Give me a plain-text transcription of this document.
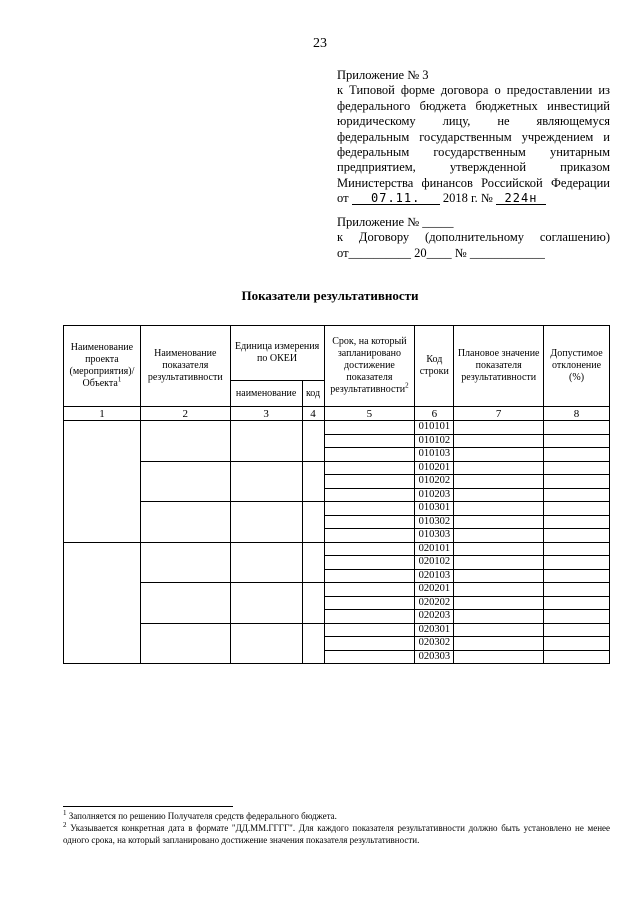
23
Приложение № 3
к Типовой форме договора о предоставлении из
федерального бюджета бюджетных инвестиций
юридическому лицу, не являющемуся
федеральным государственным учреждением и
федеральным государственным унитарным
предприятием, утвержденной приказом
Министерства финансов Российской Федерации
от 07.11. 2018 г. № 224н
Приложение № _____
к Договору (дополнительному соглашению)
от__________ 20____ № ____________
Показатели результативности
Наименование проекта (мероприятия)/ Объекта$^1$	Наименование показателя результативности	Единица измерения по ОКЕИ		Срок, на который запланировано достижение показателя результативности$^2$	Код строки	Плановое значение показателя результативности	Допустимое отклонение (%)
		наименование	код				
1	2	3	4	5	6	7	8
					010101		
					010102		
					010103		
					010201		
					010202		
					010203		
					010301		
					010302		
					010303		
					020101		
					020102		
					020103		
					020201		
					020202		
					020203		
					020301		
					020302		
					020303		

$^1$ Заполняется по решению Получателя средств федерального бюджета.

$^2$ Указывается конкретная дата в формате "ДД.ММ.ГГГГ". Для каждого показателя результативности должно быть установлено не менее одного срока, на который запланировано достижение значения показателя результативности.
